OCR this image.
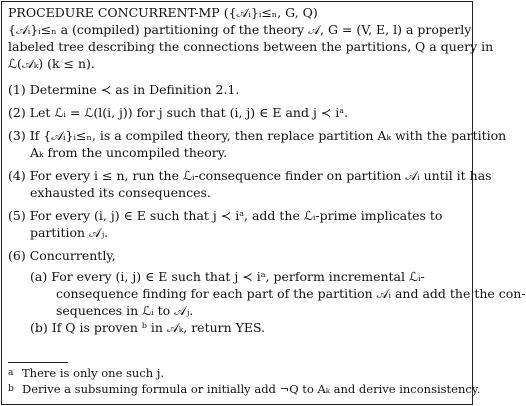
PROCEDURE CONCURRENT-MP ({𝒜ᵢ}ᵢ≤ₙ, G, Q)
{𝒜ᵢ}ᵢ≤ₙ a (compiled) partitioning of the theory 𝒜, G = (V, E, l) a properly
labeled tree describing the connections between the partitions, Q a query in
ℒ(𝒜ₖ) (k ≤ n).
(1) Determine ≺ as in Definition 2.1.
(2) Let ℒᵢ = ℒ(l(i, j)) for j such that (i, j) ∈ E and j ≺ iᵃ.
(3) If {𝒜ᵢ}ᵢ≤ₙ, is a compiled theory, then replace partition Aₖ with the partition
Aₖ from the uncompiled theory.
(4) For every i ≤ n, run the ℒᵢ-consequence finder on partition 𝒜ᵢ until it has
exhausted its consequences.
(5) For every (i, j) ∈ E such that j ≺ iᵃ, add the ℒᵢ-prime implicates to
partition 𝒜ⱼ.
(6) Concurrently,
(a) For every (i, j) ∈ E such that j ≺ iᵃ, perform incremental ℒᵢ-
consequence finding for each part of the partition 𝒜ᵢ and add the the con-
sequences in ℒᵢ to 𝒜ⱼ.
(b) If Q is proven ᵇ in 𝒜ₖ, return YES.
a There is only one such j.
b Derive a subsuming formula or initially add ¬Q to Aₖ and derive inconsistency.
